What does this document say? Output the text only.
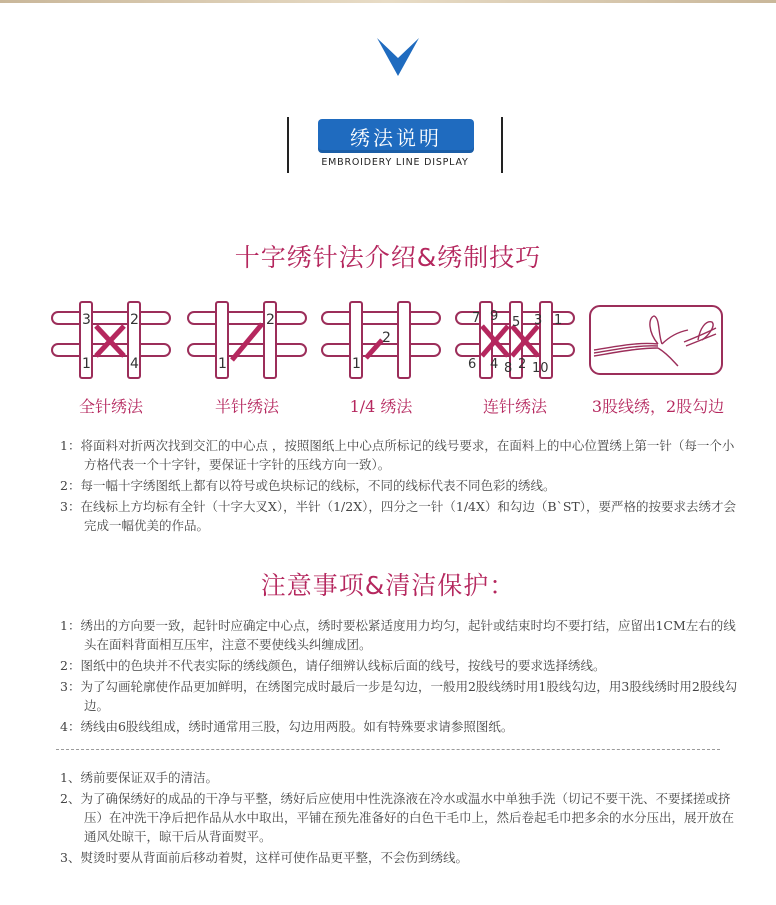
绣法说明
EMBROIDERY LINE DISPLAY
十字绣针法介绍&绣制技巧
3	2
1	4
全针绣法
2
1
半针绣法
2
1
1/4 绣法
7 9 5 3 1
6 4 8 2 10
连针绣法	3股线绣，2股勾边

1：将面料对折两次找到交汇的中心点 ，按照图纸上中心点所标记的线号要求，在面料上的中心位置绣上第一针（每一个小方格代表一个十字针，要保证十字针的压线方向一致）。

2：每一幅十字绣图纸上都有以符号或色块标记的线标，不同的线标代表不同色彩的绣线。

3：在线标上方均标有全针（十字大叉X），半针（1/2X），四分之一针（1/4X）和勾边（B`ST），要严格的按要求去绣才会完成一幅优美的作品。

注意事项&清洁保护：

1：绣出的方向要一致，起针时应确定中心点，绣时要松紧适度用力均匀，起针或结束时均不要打结，应留出1CM左右的线头在面料背面相互压牢，注意不要使线头纠缠成团。

2：图纸中的色块并不代表实际的绣线颜色，请仔细辨认线标后面的线号，按线号的要求选择绣线。

3：为了勾画轮廓使作品更加鲜明，在绣图完成时最后一步是勾边，一般用2股线绣时用1股线勾边，用3股线绣时用2股线勾边。

4：绣线由6股线组成，绣时通常用三股，勾边用两股。如有特殊要求请参照图纸。

1、绣前要保证双手的清洁。

2、为了确保绣好的成品的干净与平整，绣好后应使用中性洗涤液在冷水或温水中单独手洗（切记不要干洗、不要揉搓或挤压）在冲洗干净后把作品从水中取出，平铺在预先准备好的白色干毛巾上，然后卷起毛巾把多余的水分压出，展开放在通风处晾干，晾干后从背面熨平。

3、熨烫时要从背面前后移动着熨，这样可使作品更平整，不会伤到绣线。
